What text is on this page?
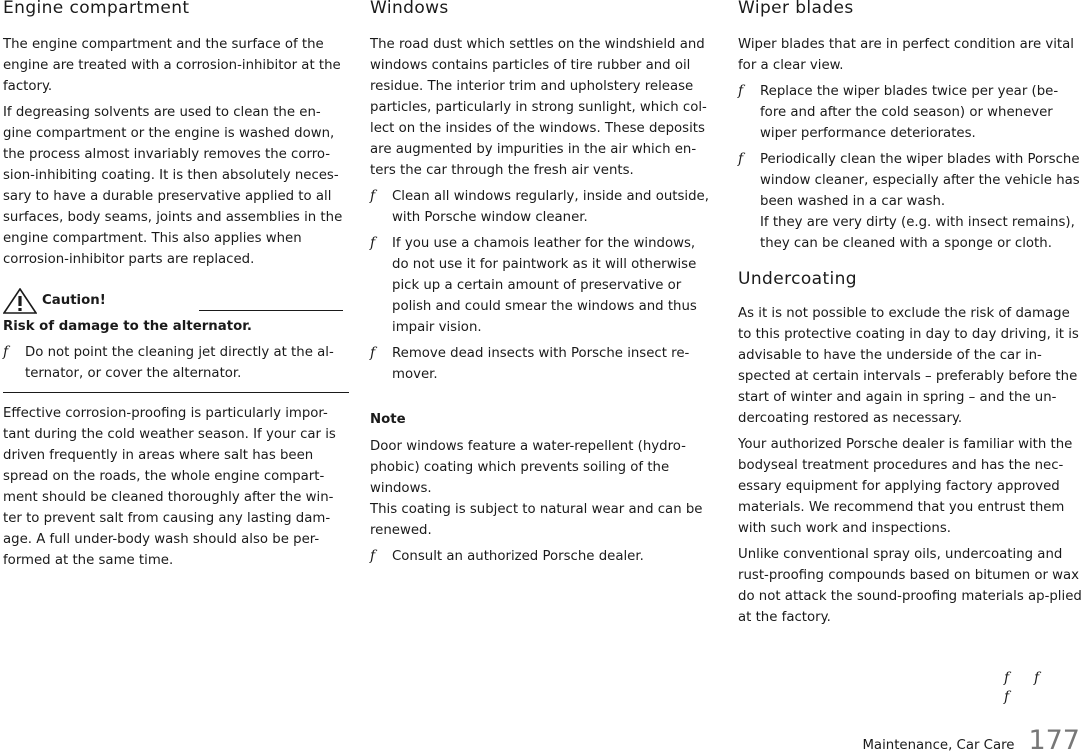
Engine compartment

The engine compartment and the surface of the engine are treated with a corrosion-inhibitor at the factory.

If degreasing solvents are used to clean the en-gine compartment or the engine is washed down, the process almost invariably removes the corro-sion-inhibiting coating. It is then absolutely neces-sary to have a durable preservative applied to all surfaces, body seams, joints and assemblies in the engine compartment. This also applies when corrosion-inhibitor parts are replaced.

Caution!

Risk of damage to the alternator.

f Do not point the cleaning jet directly at the al-ternator, or cover the alternator.

Effective corrosion-proofing is particularly impor-tant during the cold weather season. If your car is driven frequently in areas where salt has been spread on the roads, the whole engine compart-ment should be cleaned thoroughly after the win-ter to prevent salt from causing any lasting dam-age. A full under-body wash should also be per-formed at the same time.

Windows

The road dust which settles on the windshield and windows contains particles of tire rubber and oil residue. The interior trim and upholstery release particles, particularly in strong sunlight, which col-lect on the insides of the windows. These deposits are augmented by impurities in the air which en-ters the car through the fresh air vents.

f Clean all windows regularly, inside and outside, with Porsche window cleaner.
f If you use a chamois leather for the windows, do not use it for paintwork as it will otherwise pick up a certain amount of preservative or polish and could smear the windows and thus impair vision.
f Remove dead insects with Porsche insect re-mover.
Note

Door windows feature a water-repellent (hydro-phobic) coating which prevents soiling of the windows.
This coating is subject to natural wear and can be renewed.

f Consult an authorized Porsche dealer.
Wiper blades

Wiper blades that are in perfect condition are vital for a clear view.

f Replace the wiper blades twice per year (be-fore and after the cold season) or whenever wiper performance deteriorates.
f Periodically clean the wiper blades with Porsche window cleaner, especially after the vehicle has been washed in a car wash.
If they are very dirty (e.g. with insect remains), they can be cleaned with a sponge or cloth.
Undercoating

As it is not possible to exclude the risk of damage to this protective coating in day to day driving, it is advisable to have the underside of the car in-spected at certain intervals – preferably before the start of winter and again in spring – and the un-dercoating restored as necessary.

Your authorized Porsche dealer is familiar with the bodyseal treatment procedures and has the nec-essary equipment for applying factory approved materials. We recommend that you entrust them with such work and inspections.

Unlike conventional spray oils, undercoating and rust-proofing compounds based on bitumen or wax do not attack the sound-proofing materials ap-plied at the factory.

f ff
Maintenance, Car Care 177
